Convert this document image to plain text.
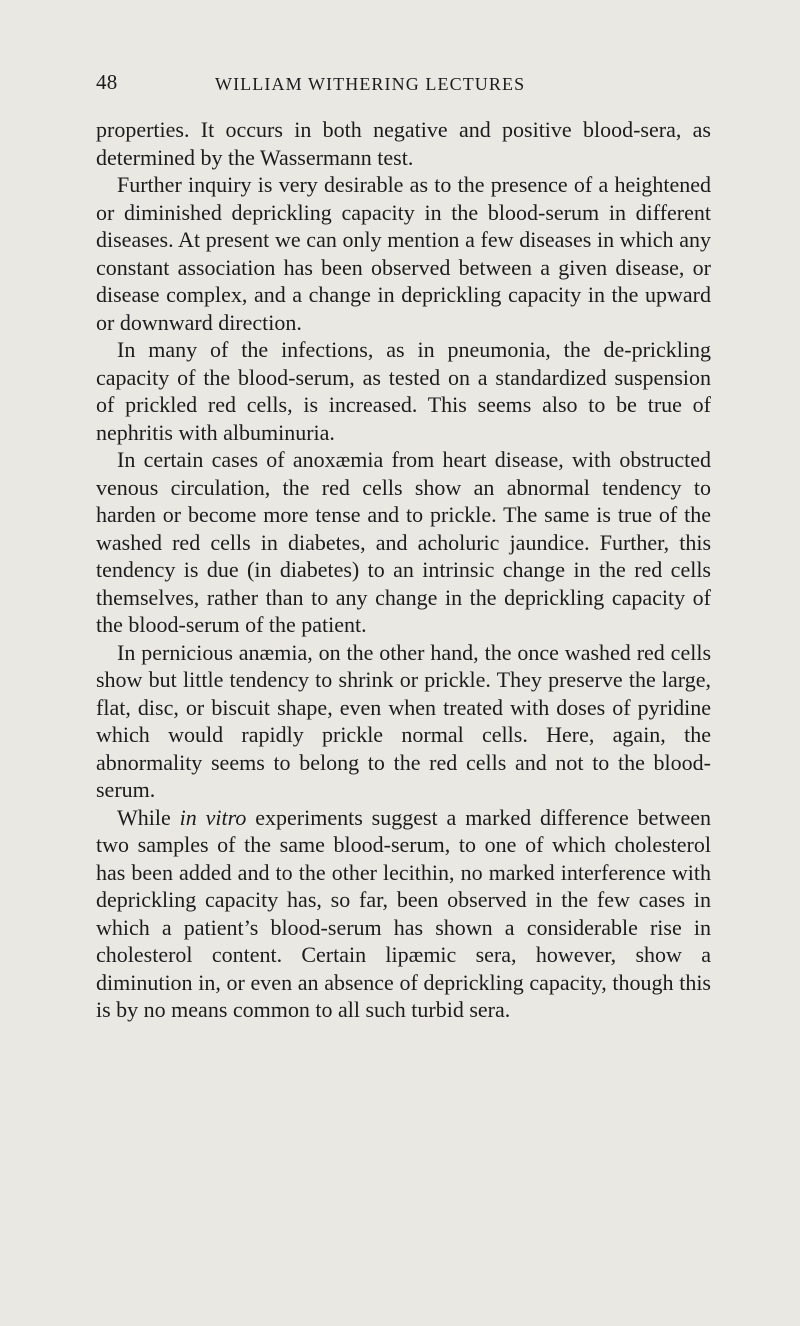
48	WILLIAM WITHERING LECTURES

properties. It occurs in both negative and positive blood-sera, as determined by the Wassermann test.

Further inquiry is very desirable as to the presence of a heightened or diminished deprickling capacity in the blood-serum in different diseases. At present we can only mention a few diseases in which any constant association has been observed between a given disease, or disease complex, and a change in deprickling capacity in the upward or downward direction.

In many of the infections, as in pneumonia, the de-prickling capacity of the blood-serum, as tested on a standardized suspension of prickled red cells, is increased. This seems also to be true of nephritis with albuminuria.

In certain cases of anoxæmia from heart disease, with obstructed venous circulation, the red cells show an abnormal tendency to harden or become more tense and to prickle. The same is true of the washed red cells in diabetes, and acholuric jaundice. Further, this tendency is due (in diabetes) to an intrinsic change in the red cells themselves, rather than to any change in the deprickling capacity of the blood-serum of the patient.

In pernicious anæmia, on the other hand, the once washed red cells show but little tendency to shrink or prickle. They preserve the large, flat, disc, or biscuit shape, even when treated with doses of pyridine which would rapidly prickle normal cells. Here, again, the abnormality seems to belong to the red cells and not to the blood-serum.

While in vitro experiments suggest a marked difference between two samples of the same blood-serum, to one of which cholesterol has been added and to the other lecithin, no marked interference with deprickling capacity has, so far, been observed in the few cases in which a patient’s blood-serum has shown a considerable rise in cholesterol content. Certain lipæmic sera, however, show a diminution in, or even an absence of deprickling capacity, though this is by no means common to all such turbid sera.
